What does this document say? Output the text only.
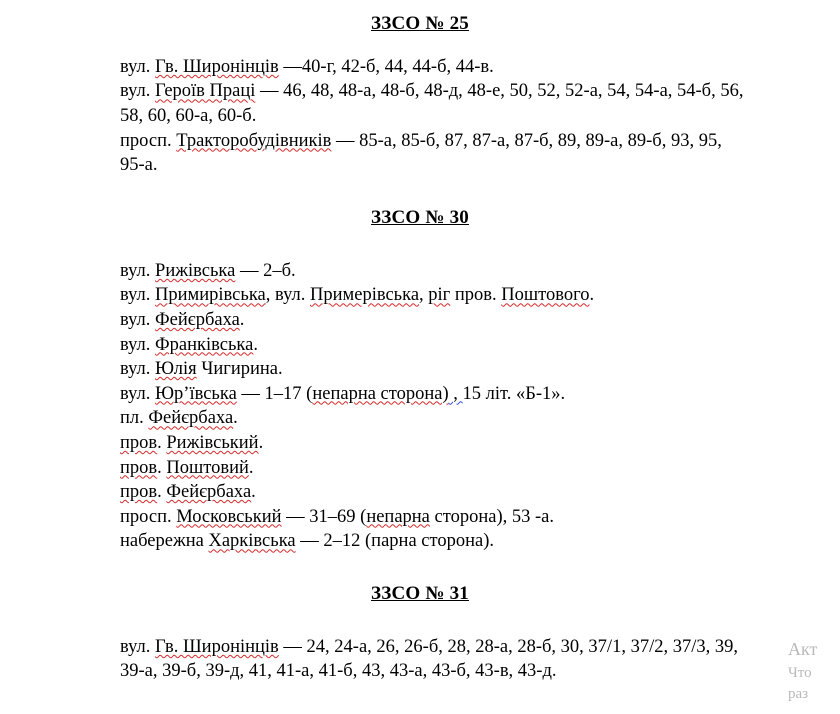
ЗЗСО № 25
вул. Гв. Широнінців —40-г, 42-б, 44, 44-б, 44-в.
вул. Героїв Праці — 46, 48, 48-а, 48-б, 48-д, 48-е, 50, 52, 52-а, 54, 54-а, 54-б, 56,
58, 60, 60-а, 60-б.
просп. Тракторобудівників — 85-а, 85-б, 87, 87-а, 87-б, 89, 89-а, 89-б, 93, 95,
95-а.
ЗЗСО № 30
вул. Рижівська — 2–б.
вул. Примирівська, вул. Примерівська, ріг пров. Поштового.
вул. Фейєрбаха.
вул. Франківська.
вул. Юлія Чигирина.
вул. Юр’ївська — 1–17 (непарна сторона) , 15 літ. «Б-1».
пл. Фейєрбаха.
пров. Рижівський.
пров. Поштовий.
пров. Фейєрбаха.
просп. Московський — 31–69 (непарна сторона), 53 -а.
набережна Харківська — 2–12 (парна сторона).
ЗЗСО № 31
вул. Гв. Широнінців — 24, 24-а, 26, 26-б, 28, 28-а, 28-б, 30, 37/1, 37/2, 37/3, 39,
39-а, 39-б, 39-д, 41, 41-а, 41-б, 43, 43-а, 43-б, 43-в, 43-д.
Акт
Что
раз
